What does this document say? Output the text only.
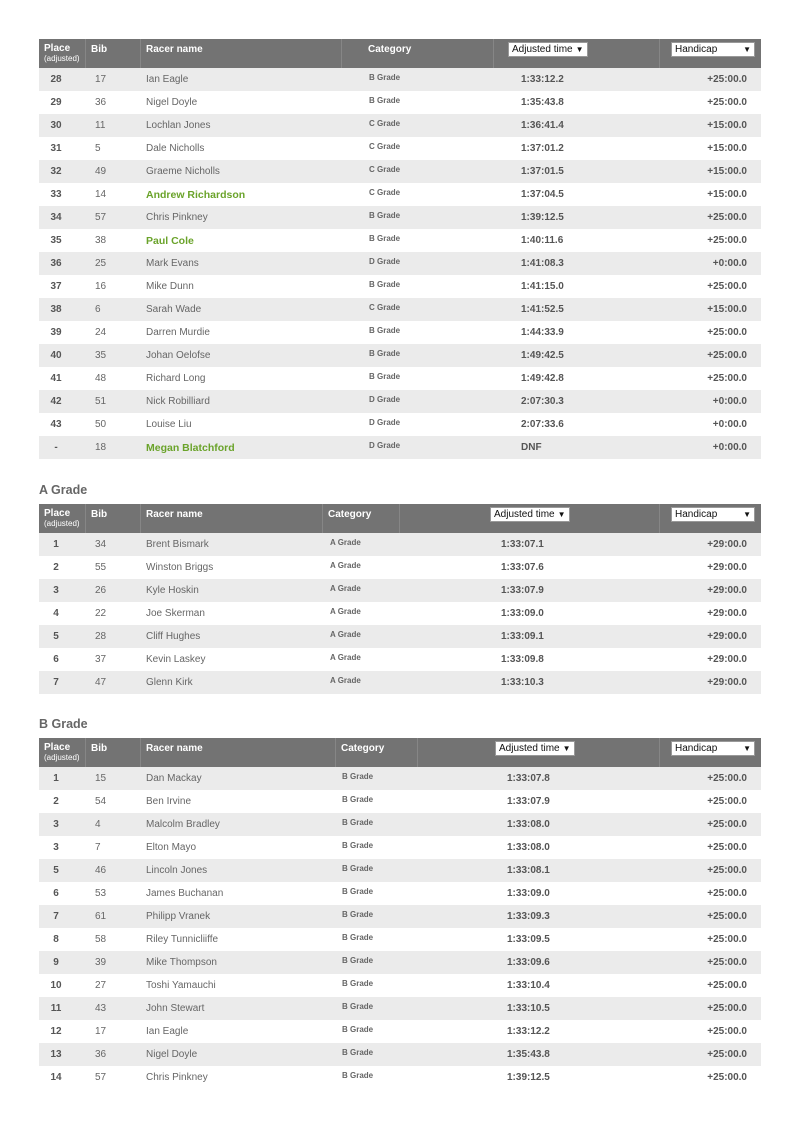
Place
(adjusted)
Bib	Racer name	Category	Adjusted time ▼	Handicap	▼
28	17	Ian Eagle	B Grade	1:33:12.2	+25:00.0
29	36	Nigel Doyle	B Grade	1:35:43.8	+25:00.0
30	11	Lochlan Jones	C Grade	1:36:41.4	+15:00.0
31	5	Dale Nicholls	C Grade	1:37:01.2	+15:00.0
32	49	Graeme Nicholls	C Grade	1:37:01.5	+15:00.0
33	14	Andrew Richardson	C Grade	1:37:04.5	+15:00.0
34	57	Chris Pinkney	B Grade	1:39:12.5	+25:00.0
35	38	Paul Cole	B Grade	1:40:11.6	+25:00.0
36	25	Mark Evans	D Grade	1:41:08.3	+0:00.0
37	16	Mike Dunn	B Grade	1:41:15.0	+25:00.0
38	6	Sarah Wade	C Grade	1:41:52.5	+15:00.0
39	24	Darren Murdie	B Grade	1:44:33.9	+25:00.0
40	35	Johan Oelofse	B Grade	1:49:42.5	+25:00.0
41	48	Richard Long	B Grade	1:49:42.8	+25:00.0
42	51	Nick Robilliard	D Grade	2:07:30.3	+0:00.0
43	50	Louise Liu	D Grade	2:07:33.6	+0:00.0
-	18	Megan Blatchford	D Grade	DNF	+0:00.0
A Grade
Place
(adjusted)
Bib	Racer name	Category	Adjusted time ▼	Handicap	▼
1	34	Brent Bismark	A Grade	1:33:07.1	+29:00.0
2	55	Winston Briggs	A Grade	1:33:07.6	+29:00.0
3	26	Kyle Hoskin	A Grade	1:33:07.9	+29:00.0
4	22	Joe Skerman	A Grade	1:33:09.0	+29:00.0
5	28	Cliff Hughes	A Grade	1:33:09.1	+29:00.0
6	37	Kevin Laskey	A Grade	1:33:09.8	+29:00.0
7	47	Glenn Kirk	A Grade	1:33:10.3	+29:00.0
B Grade
Place
(adjusted)
Bib	Racer name	Category	Adjusted time ▼	Handicap	▼
1	15	Dan Mackay	B Grade	1:33:07.8	+25:00.0
2	54	Ben Irvine	B Grade	1:33:07.9	+25:00.0
3	4	Malcolm Bradley	B Grade	1:33:08.0	+25:00.0
3	7	Elton Mayo	B Grade	1:33:08.0	+25:00.0
5	46	Lincoln Jones	B Grade	1:33:08.1	+25:00.0
6	53	James Buchanan	B Grade	1:33:09.0	+25:00.0
7	61	Philipp Vranek	B Grade	1:33:09.3	+25:00.0
8	58	Riley Tunnicliiffe	B Grade	1:33:09.5	+25:00.0
9	39	Mike Thompson	B Grade	1:33:09.6	+25:00.0
10	27	Toshi Yamauchi	B Grade	1:33:10.4	+25:00.0
11	43	John Stewart	B Grade	1:33:10.5	+25:00.0
12	17	Ian Eagle	B Grade	1:33:12.2	+25:00.0
13	36	Nigel Doyle	B Grade	1:35:43.8	+25:00.0
14	57	Chris Pinkney	B Grade	1:39:12.5	+25:00.0
